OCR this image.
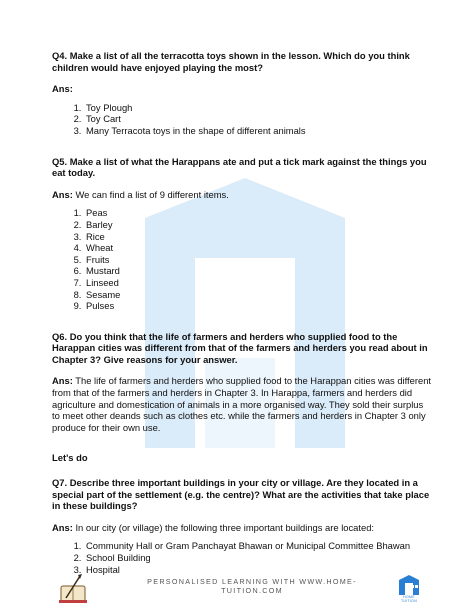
Q4. Make a list of all the terracotta toys shown in the lesson. Which do you think children would have enjoyed playing the most?

Ans:

1. Toy Plough
2. Toy Cart
3. Many Terracota toys in the shape of different animals

Q5. Make a list of what the Harappans ate and put a tick mark against the things you eat today.

Ans: We can find a list of 9 different items.

1. Peas
2. Barley
3. Rice
4. Wheat
5. Fruits
6. Mustard
7. Linseed
8. Sesame
9. Pulses

Q6. Do you think that the life of farmers and herders who supplied food to the Harappan cities was different from that of the farmers and herders you read about in Chapter 3? Give reasons for your answer.

Ans: The life of farmers and herders who supplied food to the Harappan cities was different from that of the farmers and herders in Chapter 3. In Harappa, farmers and herders did agriculture and domestication of animals in a more organised way. They sold their surplus to meet other deands such as clothes etc. while the farmers and herders in Chapter 3 only produce for their own use.

Let's do

Q7. Describe three important buildings in your city or village. Are they located in a special part of the settlement (e.g. the centre)? What are the activities that take place in these buildings?

Ans: In our city (or village) the following three important buildings are located:

1. Community Hall or Gram Panchayat Bhawan or Municipal Committee Bhawan
2. School Building
3. Hospital
PERSONALISED LEARNING WITH WWW.HOME-TUITION.COM
HOME TUITION
